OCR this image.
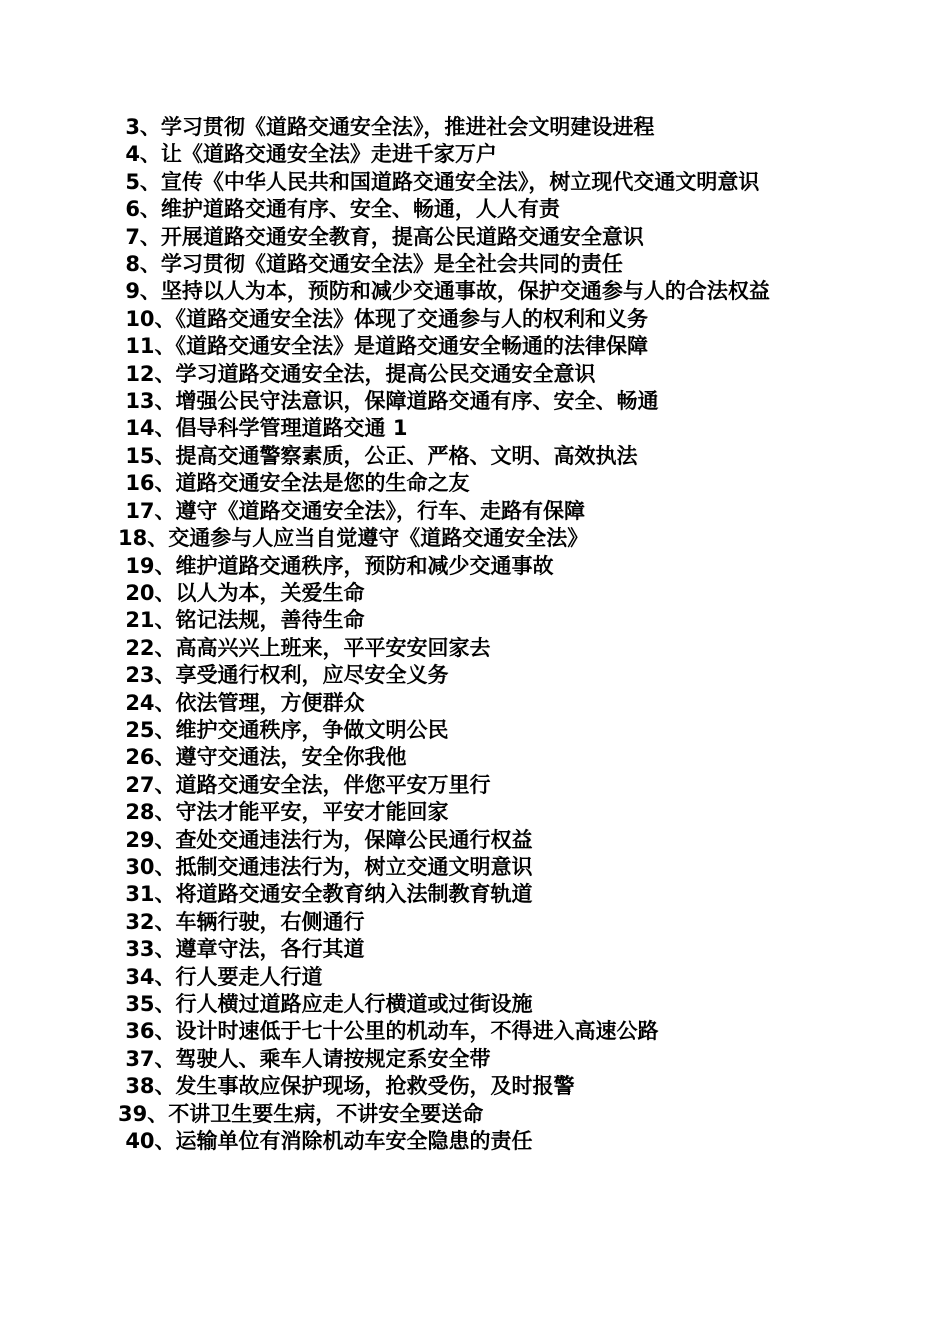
3、学习贯彻《道路交通安全法》，推进社会文明建设进程
4、让《道路交通安全法》走进千家万户
5、宣传《中华人民共和国道路交通安全法》，树立现代交通文明意识
6、维护道路交通有序、安全、畅通，人人有责
7、开展道路交通安全教育，提高公民道路交通安全意识
8、学习贯彻《道路交通安全法》是全社会共同的责任
9、坚持以人为本，预防和减少交通事故，保护交通参与人的合法权益
10、《道路交通安全法》体现了交通参与人的权利和义务
11、《道路交通安全法》是道路交通安全畅通的法律保障
12、学习道路交通安全法，提高公民交通安全意识
13、增强公民守法意识，保障道路交通有序、安全、畅通
14、倡导科学管理道路交通 1
15、提高交通警察素质，公正、严格、文明、高效执法
16、道路交通安全法是您的生命之友
17、遵守《道路交通安全法》，行车、走路有保障
18、交通参与人应当自觉遵守《道路交通安全法》
19、维护道路交通秩序，预防和减少交通事故
20、以人为本，关爱生命
21、铭记法规，善待生命
22、高高兴兴上班来，平平安安回家去
23、享受通行权利，应尽安全义务
24、依法管理，方便群众
25、维护交通秩序，争做文明公民
26、遵守交通法，安全你我他
27、道路交通安全法，伴您平安万里行
28、守法才能平安，平安才能回家
29、查处交通违法行为，保障公民通行权益
30、抵制交通违法行为，树立交通文明意识
31、将道路交通安全教育纳入法制教育轨道
32、车辆行驶，右侧通行
33、遵章守法，各行其道
34、行人要走人行道
35、行人横过道路应走人行横道或过街设施
36、设计时速低于七十公里的机动车，不得进入高速公路
37、驾驶人、乘车人请按规定系安全带
38、发生事故应保护现场，抢救受伤，及时报警
39、不讲卫生要生病，不讲安全要送命
40、运输单位有消除机动车安全隐患的责任
